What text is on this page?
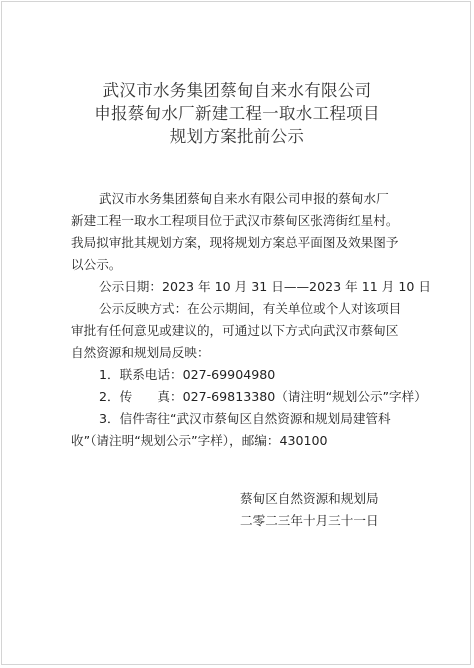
武汉市水务集团蔡甸自来水有限公司
申报蔡甸水厂新建工程一取水工程项目
规划方案批前公示
武汉市水务集团蔡甸自来水有限公司申报的蔡甸水厂
新建工程一取水工程项目位于武汉市蔡甸区张湾街红星村。
我局拟审批其规划方案，现将规划方案总平面图及效果图予
以公示。
公示日期：2023 年 10 月 31 日——2023 年 11 月 10 日
公示反映方式：在公示期间，有关单位或个人对该项目
审批有任何意见或建议的，可通过以下方式向武汉市蔡甸区
自然资源和规划局反映：
1．联系电话：027-69904980
2．传　　真：027-69813380（请注明“规划公示”字样）
3．信件寄往“武汉市蔡甸区自然资源和规划局建管科
收”（请注明“规划公示”字样），邮编：430100
蔡甸区自然资源和规划局
二零二三年十月三十一日
